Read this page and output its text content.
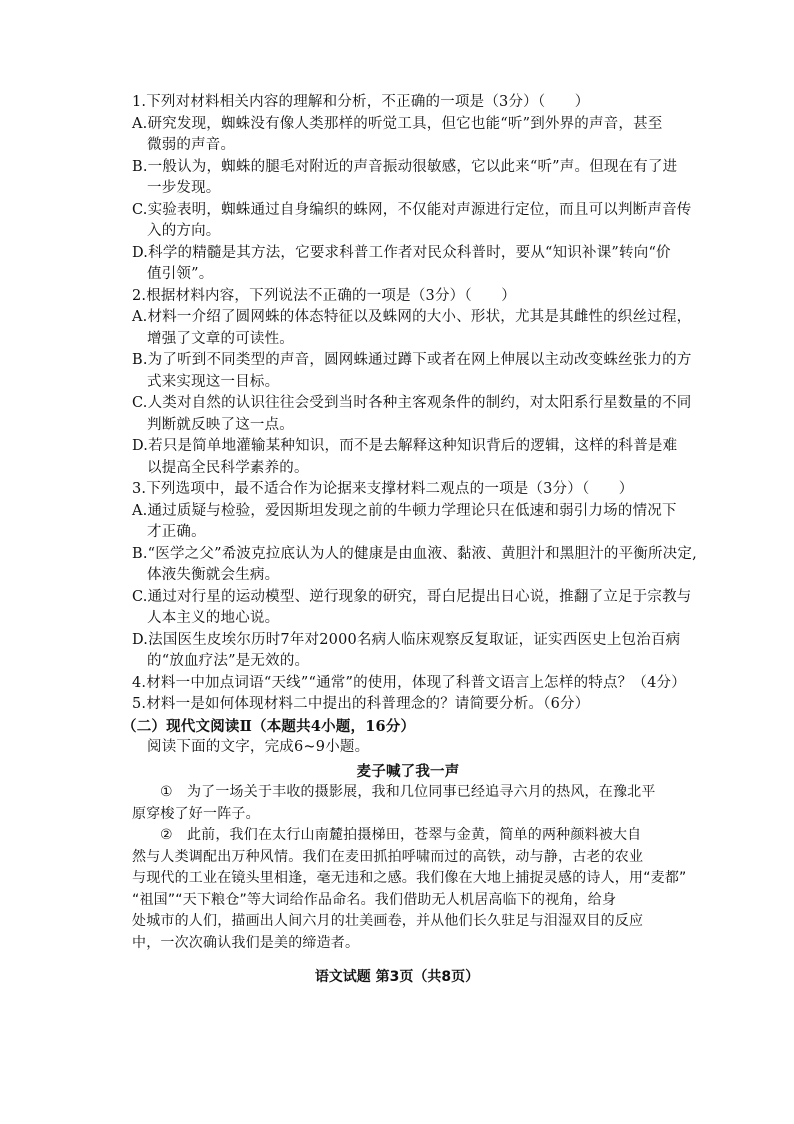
1.下列对材料相关内容的理解和分析，不正确的一项是（3分）（　　）
A.研究发现，蜘蛛没有像人类那样的听觉工具，但它也能“听”到外界的声音，甚至
微弱的声音。
B.一般认为，蜘蛛的腿毛对附近的声音振动很敏感，它以此来“听”声。但现在有了进
一步发现。
C.实验表明，蜘蛛通过自身编织的蛛网，不仅能对声源进行定位，而且可以判断声音传
入的方向。
D.科学的精髓是其方法，它要求科普工作者对民众科普时，要从“知识补课”转向“价
值引领”。
2.根据材料内容，下列说法不正确的一项是（3分）（　　）
A.材料一介绍了圆网蛛的体态特征以及蛛网的大小、形状，尤其是其雌性的织丝过程，
增强了文章的可读性。
B.为了听到不同类型的声音，圆网蛛通过蹲下或者在网上伸展以主动改变蛛丝张力的方
式来实现这一目标。
C.人类对自然的认识往往会受到当时各种主客观条件的制约，对太阳系行星数量的不同
判断就反映了这一点。
D.若只是简单地灌输某种知识，而不是去解释这种知识背后的逻辑，这样的科普是难
以提高全民科学素养的。
3.下列选项中，最不适合作为论据来支撑材料二观点的一项是（3分）（　　）
A.通过质疑与检验，爱因斯坦发现之前的牛顿力学理论只在低速和弱引力场的情况下
才正确。
B.“医学之父”希波克拉底认为人的健康是由血液、黏液、黄胆汁和黑胆汁的平衡所决定,
体液失衡就会生病。
C.通过对行星的运动模型、逆行现象的研究，哥白尼提出日心说，推翻了立足于宗教与
人本主义的地心说。
D.法国医生皮埃尔历时7年对2000名病人临床观察反复取证，证实西医史上包治百病
的“放血疗法”是无效的。
4.材料一中加点词语“天线”“通常”的使用，体现了科普文语言上怎样的特点？（4分）
5.材料一是如何体现材料二中提出的科普理念的？请简要分析。（6分）
（二）现代文阅读Ⅱ（本题共4小题，16分）
阅读下面的文字，完成6~9小题。
麦子喊了我一声
①　为了一场关于丰收的摄影展，我和几位同事已经追寻六月的热风，在豫北平
原穿梭了好一阵子。
②　此前，我们在太行山南麓拍摄梯田，苍翠与金黄，简单的两种颜料被大自
然与人类调配出万种风情。我们在麦田抓拍呼啸而过的高铁，动与静，古老的农业
与现代的工业在镜头里相逢，毫无违和之感。我们像在大地上捕捉灵感的诗人，用“麦都”
“祖国”“天下粮仓”等大词给作品命名。我们借助无人机居高临下的视角，给身
处城市的人们，描画出人间六月的壮美画卷，并从他们长久驻足与泪湿双目的反应
中，一次次确认我们是美的缔造者。
语文试题 第3页（共8页）
